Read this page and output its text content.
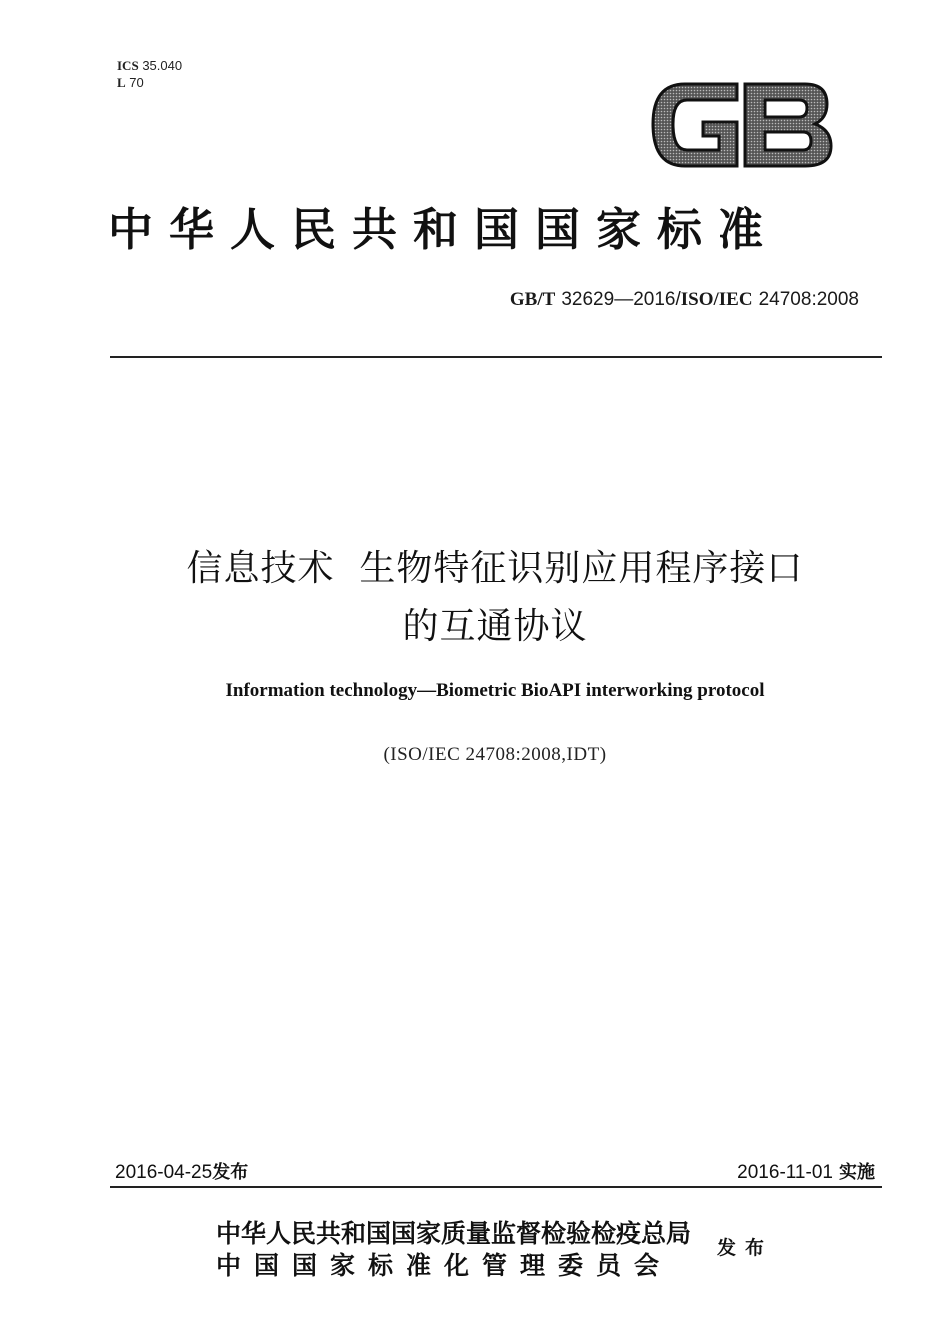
ICS 35.040
L 70
中华人民共和国国家标准
GB/T 32629—2016/ISO/IEC 24708:2008
信息技术  生物特征识别应用程序接口
的互通协议
Information technology—Biometric BioAPI interworking protocol
(ISO/IEC 24708:2008,IDT)
2016-04-25发布	2016-11-01 实施
中华人民共和国国家质量监督检验检疫总局
中国国家标准化管理委员会
发布
